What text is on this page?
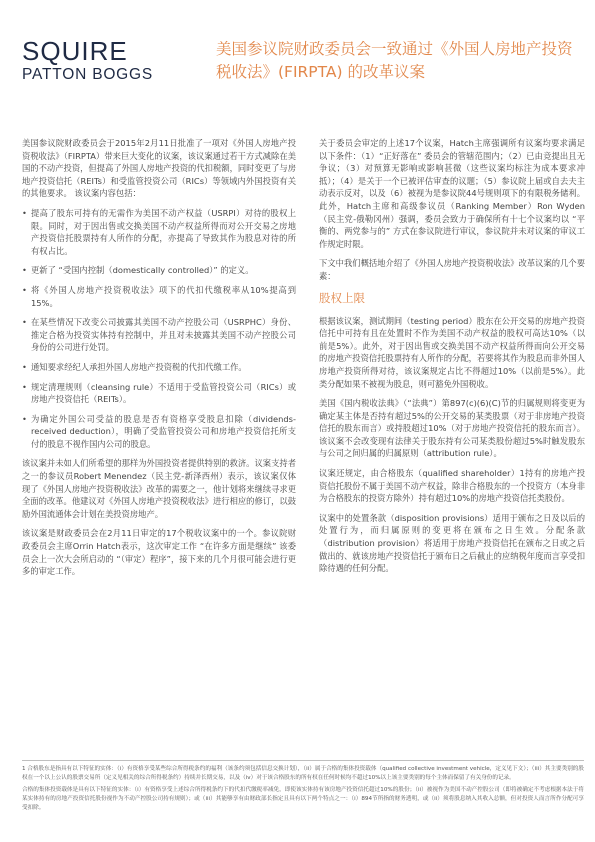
SQUIRE
PATTON BOGGS
美国参议院财政委员会一致通过《外国人房地产投资税收法》(FIRPTA) 的改革议案

美国参议院财政委员会于2015年2月11日批准了一项对《外国人房地产投资税收法》（FIRPTA）带来巨大变化的议案，该议案通过若干方式减除在美国的不动产投资，但提高了外国人房地产投资的代扣税额，同时变更了与房地产投资信托（REITs）和受监管投资公司（RICs）等领域内外国投资有关的其他要求。 该议案内容包括：

• 提高了股东可持有的无需作为美国不动产权益（USRPI）对待的股权上限。同时，对于因出售或交换美国不动产权益所得而对公开交易之房地产投资信托股票持有人所作的分配，亦提高了导致其作为股息对待的所有权占比。
• 更新了 “受国内控制（domestically controlled）” 的定义。
• 将《外国人房地产投资税收法》项下的代扣代缴税率从10%提高到15%。
• 在某些情况下改变公司披露其美国不动产控股公司（USRPHC）身份、推定合格为投资实体持有控制中，并且对未披露其美国不动产控股公司身份的公司进行处罚。
• 通知要求经纪人承担外国人房地产投资税的代扣代缴工作。
• 规定清理规则（cleansing rule）不适用于受监管投资公司（RICs）或房地产投资信托（REITs）。
• 为确定外国公司受益的股息是否有资格享受股息扣除（dividends-received deduction），明确了受监管投资公司和房地产投资信托所支付的股息不视作国内公司的股息。

该议案并未如人们所希望的那样为外国投资者提供特别的救济。议案支持者之一的参议员Robert Menendez（民主党-新泽西州）表示，该议案仅体现了《外国人房地产投资税收法》改革的需要之一，他计划将来继续寻求更全面的改革。他建议对《外国人房地产投资税收法》进行相应的修订，以鼓励外国流通体会计划在美投资房地产。

该议案是财政委员会在2月11日审定的17个税收议案中的一个。参议院财政委员会主席Orrin Hatch表示，这次审定工作 “在许多方面是继续” 该委员会上一次大会所启动的 “（审定）程序”，接下来的几个月很可能会进行更多的审定工作。

关于委员会审定的上述17个议案，Hatch主席强调所有议案均要求满足以下条件：（1）“正好落在” 委员会的管辖范围内；（2）已由竞提出且无争议；（3）对预算无影响或影响甚微（这些议案均标注为成本要求冲抵）；（4）是关于一个已被评估审查的议题；（5）参议院上届或自去夫主动表示反对，以及（6）被视为是参议院44号规则项下的有限税务储利。此外，Hatch主席和高级参议员（Ranking Member）Ron Wyden（民主党-俄勒冈州）强调，委员会致力于确保所有十七个议案均以 “平衡的、两党参与的” 方式在参议院进行审议，参议院并未对议案的审议工作规定时限。

下文中我们概括地介绍了《外国人房地产投资税收法》改革议案的几个要素：

股权上限

根据该议案，测试期间（testing period）股东在公开交易的房地产投资信托中可持有且在处置时不作为美国不动产权益的股权可高达10%（以前是5%）。此外，对于因出售或交换美国不动产权益所得而向公开交易的房地产投资信托股票持有人所作的分配，若要将其作为股息而非外国人房地产投资所得对待，该议案规定占比不得超过10%（以前是5%）。此类分配如果不被视为股息，则可豁免外国税收。

美国《国内税收法典》（“法典”）第897(c)(6)(C)节的归属规则将变更为确定某主体是否持有超过5%的公开交易的某类股票（对于非房地产投资信托的股东而言）或持股超过10%（对于房地产投资信托的股东而言）。该议案不会改变现有法律关于股东持有公司某类股份超过5%时触发股东与公司之间归属的归属原则（attribution rule）。

议案还规定，由合格股东（qualified shareholder）1持有的房地产投资信托股份不属于美国不动产权益，除非合格股东的一个投资方（本身非为合格股东的投资方除外）持有超过10%的房地产投资信托类股份。

议案中的处置条款（disposition provisions）适用于颁布之日及以后的处置行为，而归属原则的变更将在颁布之日生效。分配条款（distribution provision）将适用于房地产投资信托在颁布之日或之后做出的、就该房地产投资信托于颁布日之后截止的应纳税年度而言享受扣除待遇的任何分配。

1 合格股东是指具有以下特征的实体：（i）有资格享受某些综合所得税条约的福利（该条约须包括信息交换计划），（ii）属于合格的集体投资载体（qualified collective investment vehicle，定义见下文）；（iii）其主要类别的股权在一个以上公认的股票交易所（定义见相关的综合所得税条约）持续并长期交易，以及（iv）对于该合格股东的所有权在任何时候均不超过10%以上该主要类别的每个主体而保留了有关身份的记录。

合格的集体投资载体是具有以下特征的实体：（i）有资格享受上述综合所得税条约下的代扣代缴税率减免，即使该实体持有该房地产投资信托超过10%的股份；（ii）被视作为美国不动产控股公司（即将被确定不考虑根据本法于将某实体持有的房地产投资信托股份视作为不动产控股公司持有规则）；或（iii）其能够享有由财政部长指定且具有以下两个特点之一：（i）894节所指的财务透明，或（ii）须将股息纳入其收入总额，但对投资人而言所作分配可享受扣除。
